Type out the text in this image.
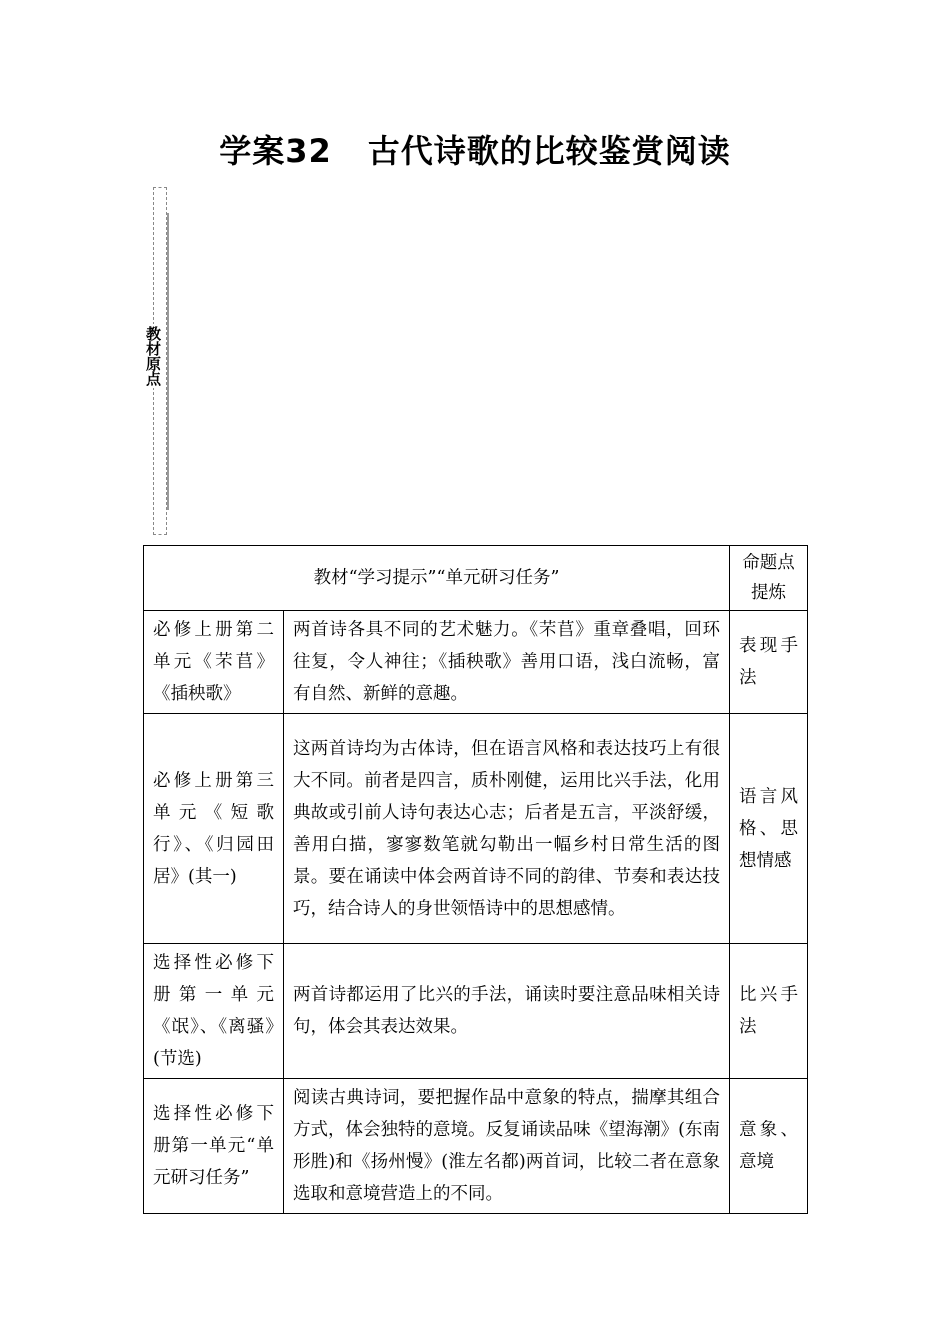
学案32 古代诗歌的比较鉴赏阅读
教材原点
教材“学习提示”“单元研习任务”		命题点提炼
必修上册第二单元《芣苢》《插秧歌》	两首诗各具不同的艺术魅力。《芣苢》重章叠唱，回环往复，令人神往；《插秧歌》善用口语，浅白流畅，富有自然、新鲜的意趣。	表现手法
必修上册第三单元《短歌行》、《归园田居》(其一)	这两首诗均为古体诗，但在语言风格和表达技巧上有很大不同。前者是四言，质朴刚健，运用比兴手法，化用典故或引前人诗句表达心志；后者是五言，平淡舒缓，善用白描，寥寥数笔就勾勒出一幅乡村日常生活的图景。要在诵读中体会两首诗不同的韵律、节奏和表达技巧，结合诗人的身世领悟诗中的思想感情。	语言风格、思想情感
选择性必修下册第一单元《氓》、《离骚》(节选)	两首诗都运用了比兴的手法，诵读时要注意品味相关诗句，体会其表达效果。	比兴手法
选择性必修下册第一单元“单元研习任务”	阅读古典诗词，要把握作品中意象的特点，揣摩其组合方式，体会独特的意境。反复诵读品味《望海潮》(东南形胜)和《扬州慢》(淮左名都)两首词，比较二者在意象选取和意境营造上的不同。	意象、意境
